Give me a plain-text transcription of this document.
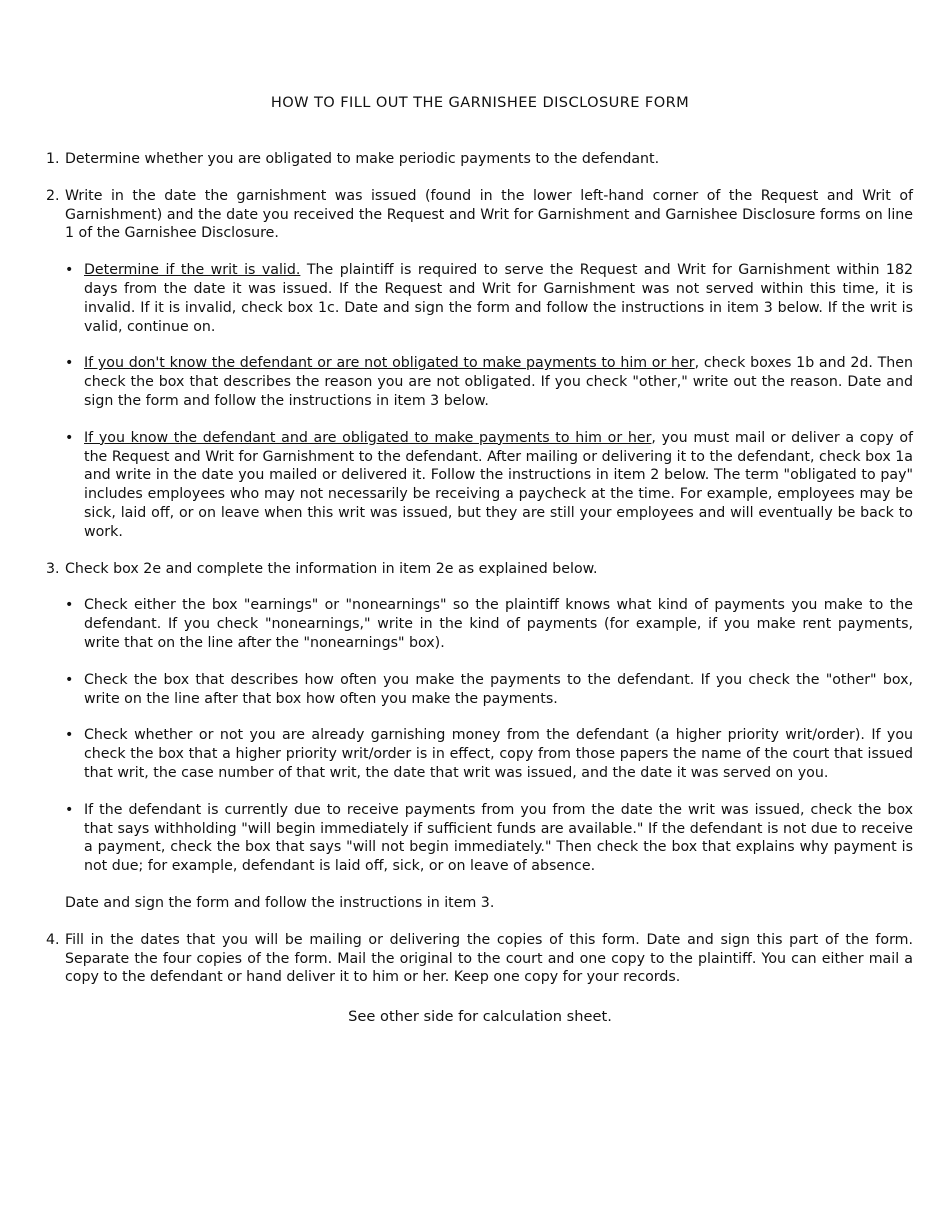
HOW TO FILL OUT THE GARNISHEE DISCLOSURE FORM
1. Determine whether you are obligated to make periodic payments to the defendant.

2. Write in the date the garnishment was issued (found in the lower left-hand corner of the Request and Writ of Garnishment) and the date you received the Request and Writ for Garnishment and Garnishee Disclosure forms on line 1 of the Garnishee Disclosure.

• Determine if the writ is valid. The plaintiff is required to serve the Request and Writ for Garnishment within 182 days from the date it was issued. If the Request and Writ for Garnishment was not served within this time, it is invalid. If it is invalid, check box 1c. Date and sign the form and follow the instructions in item 3 below. If the writ is valid, continue on.
• If you don't know the defendant or are not obligated to make payments to him or her, check boxes 1b and 2d. Then check the box that describes the reason you are not obligated. If you check "other," write out the reason. Date and sign the form and follow the instructions in item 3 below.
• If you know the defendant and are obligated to make payments to him or her, you must mail or deliver a copy of the Request and Writ for Garnishment to the defendant. After mailing or delivering it to the defendant, check box 1a and write in the date you mailed or delivered it. Follow the instructions in item 2 below. The term "obligated to pay" includes employees who may not necessarily be receiving a paycheck at the time. For example, employees may be sick, laid off, or on leave when this writ was issued, but they are still your employees and will eventually be back to work.
3. Check box 2e and complete the information in item 2e as explained below.

• Check either the box "earnings" or "nonearnings" so the plaintiff knows what kind of payments you make to the defendant. If you check "nonearnings," write in the kind of payments (for example, if you make rent payments, write that on the line after the "nonearnings" box).
• Check the box that describes how often you make the payments to the defendant. If you check the "other" box, write on the line after that box how often you make the payments.
• Check whether or not you are already garnishing money from the defendant (a higher priority writ/order). If you check the box that a higher priority writ/order is in effect, copy from those papers the name of the court that issued that writ, the case number of that writ, the date that writ was issued, and the date it was served on you.
• If the defendant is currently due to receive payments from you from the date the writ was issued, check the box that says withholding "will begin immediately if sufficient funds are available." If the defendant is not due to receive a payment, check the box that says "will not begin immediately." Then check the box that explains why payment is not due; for example, defendant is laid off, sick, or on leave of absence.

Date and sign the form and follow the instructions in item 3.

4. Fill in the dates that you will be mailing or delivering the copies of this form. Date and sign this part of the form. Separate the four copies of the form. Mail the original to the court and one copy to the plaintiff. You can either mail a copy to the defendant or hand deliver it to him or her. Keep one copy for your records.

See other side for calculation sheet.
